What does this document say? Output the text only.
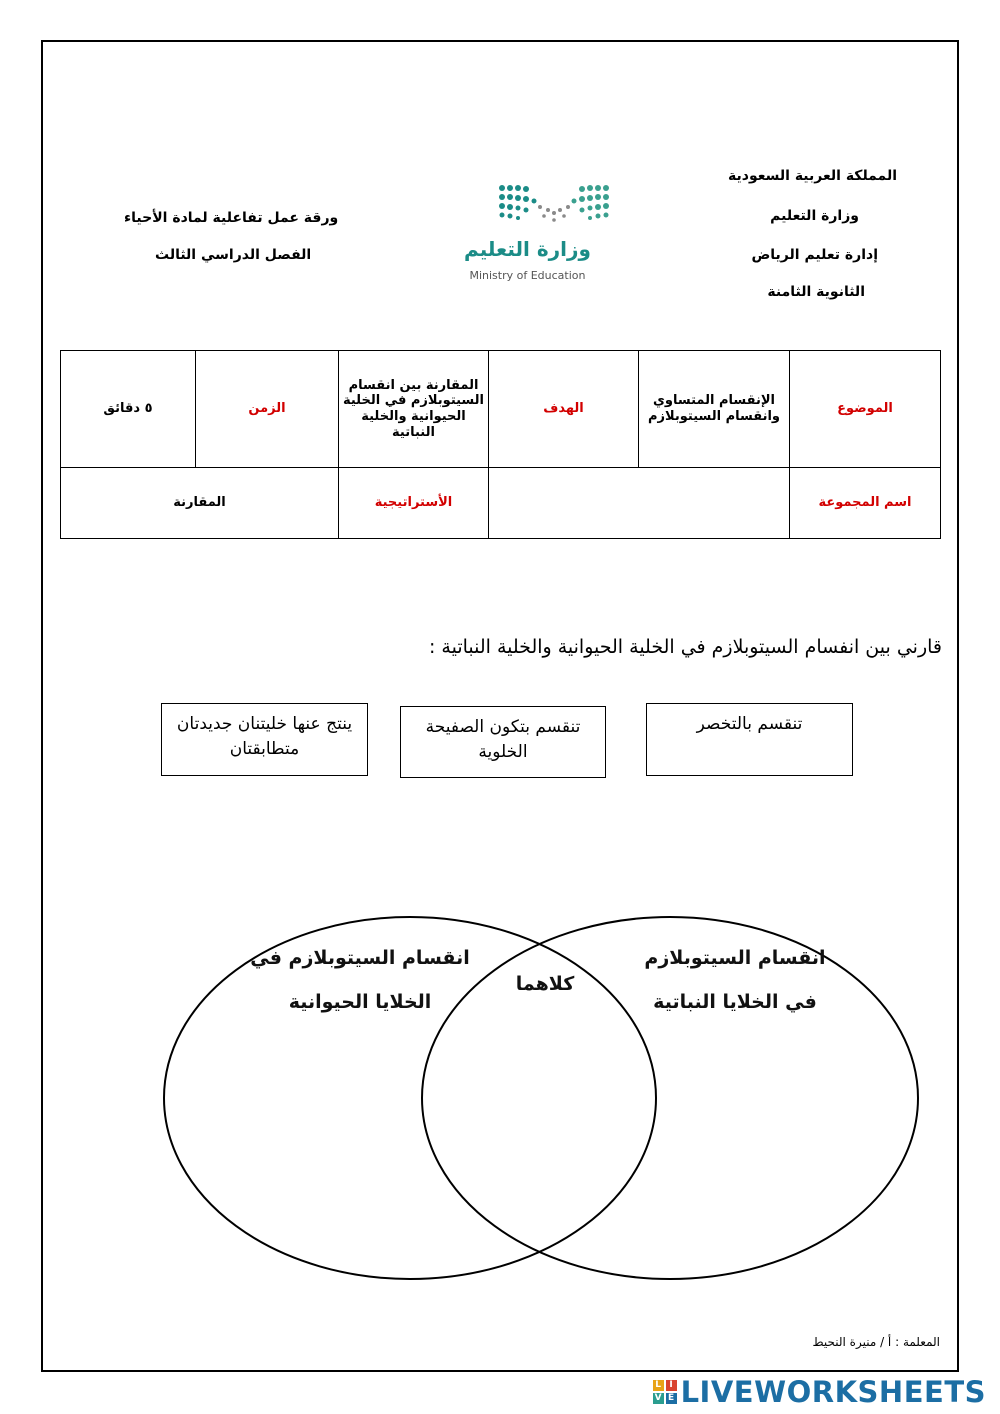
المملكة العربية السعودية
وزارة التعليم
إدارة تعليم الرياض
الثانوية الثامنة
ورقة عمل تفاعلية لمادة الأحياء
الفصل الدراسي الثالث	وزارة التعليم
Ministry of Education
الموضوع	الإنقسام المتساوي وانقسام السيتوبلازم	الهدف	المقارنة بين انقسام السيتوبلازم في الخلية الحيوانية والخلية النباتية	الزمن	٥ دقائق
اسم المجموعة			الأستراتيجية	المقارنة	
قارني بين انفسام السيتوبلازم في الخلية الحيوانية والخلية النباتية :
ينتج عنها خليتنان جديدتان متطابقتان
تنقسم بتكون الصفيحة الخلوية
تنقسم بالتخصر
انقسام السيتوبلازم في
الخلايا الحيوانية
كلاهما
انقسام السيتوبلازم
في الخلايا النباتية
المعلمة : أ / منيرة النحيط
L I
V E LIVEWORKSHEETS
